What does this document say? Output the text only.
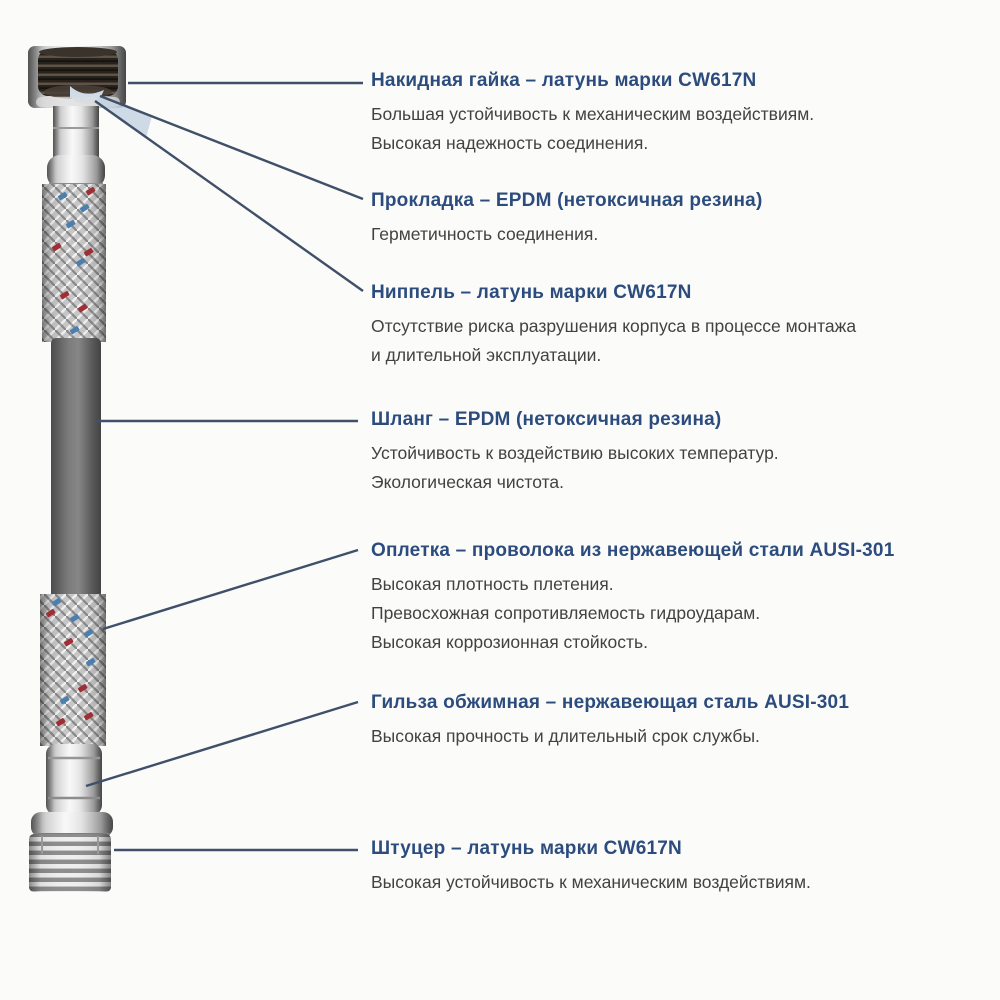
Накидная гайка – латунь марки CW617N
Большая устойчивость к механическим воздействиям.
Высокая надежность соединения.
Прокладка – EPDM (нетоксичная резина)
Герметичность соединения.
Ниппель – латунь марки CW617N
Отсутствие риска разрушения корпуса в процессе монтажа
и длительной эксплуатации.
Шланг – EPDM (нетоксичная резина)
Устойчивость к воздействию высоких температур.
Экологическая чистота.
Оплетка – проволока из нержавеющей стали AUSI-301
Высокая плотность плетения.
Превосхожная сопротивляемость гидроударам.
Высокая коррозионная стойкость.
Гильза обжимная – нержавеющая сталь AUSI-301
Высокая прочность и длительный срок службы.
Штуцер – латунь марки CW617N
Высокая устойчивость к механическим воздействиям.
